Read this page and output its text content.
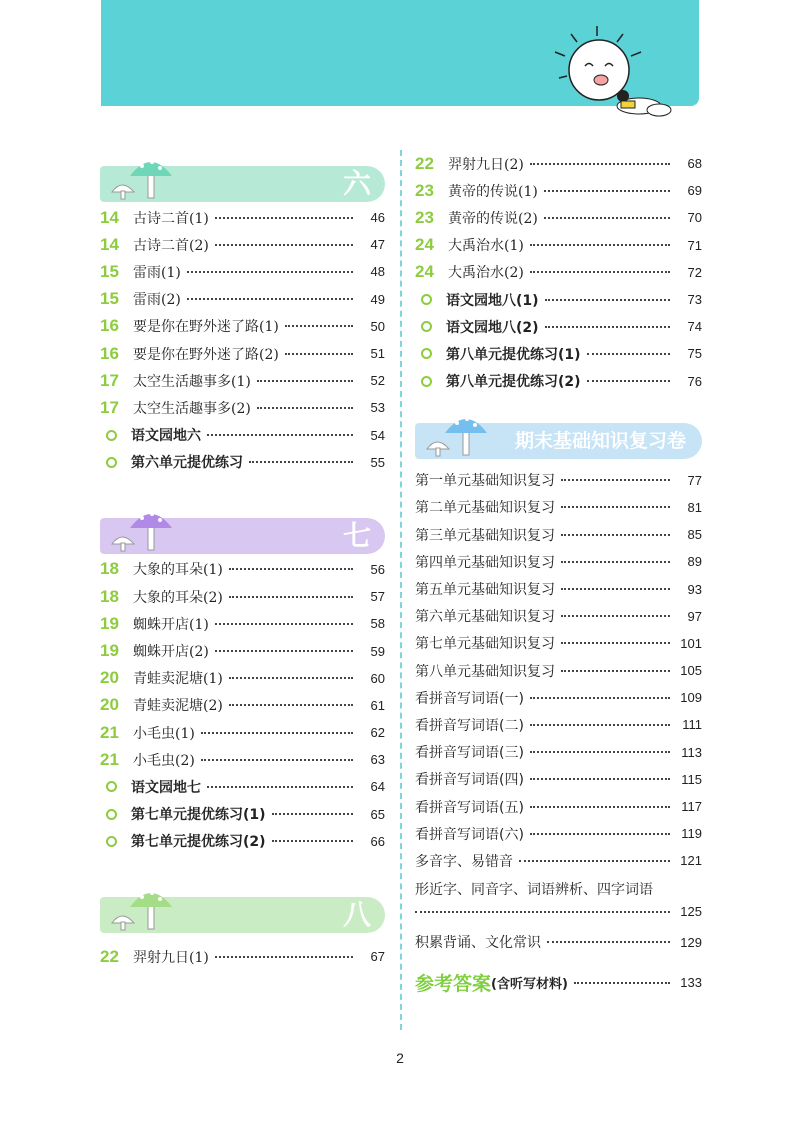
六
14	古诗二首(1)	46
14	古诗二首(2)	47
15	雷雨(1)	48
15	雷雨(2)	49
16	要是你在野外迷了路(1)	50
16	要是你在野外迷了路(2)	51
17	太空生活趣事多(1)	52
17	太空生活趣事多(2)	53
语文园地六	54
第六单元提优练习	55
七
18	大象的耳朵(1)	56
18	大象的耳朵(2)	57
19	蜘蛛开店(1)	58
19	蜘蛛开店(2)	59
20	青蛙卖泥塘(1)	60
20	青蛙卖泥塘(2)	61
21	小毛虫(1)	62
21	小毛虫(2)	63
语文园地七	64
第七单元提优练习(1)	65
第七单元提优练习(2)	66
八
22	羿射九日(1)	67
22	羿射九日(2)	68
23	黄帝的传说(1)	69
23	黄帝的传说(2)	70
24	大禹治水(1)	71
24	大禹治水(2)	72
语文园地八(1)	73
语文园地八(2)	74
第八单元提优练习(1)	75
第八单元提优练习(2)	76
期末基础知识复习卷
第一单元基础知识复习	77
第二单元基础知识复习	81
第三单元基础知识复习	85
第四单元基础知识复习	89
第五单元基础知识复习	93
第六单元基础知识复习	97
第七单元基础知识复习	101
第八单元基础知识复习	105
看拼音写词语(一)	109
看拼音写词语(二)	111
看拼音写词语(三)	113
看拼音写词语(四)	115
看拼音写词语(五)	117
看拼音写词语(六)	119
多音字、易错音	121
形近字、同音字、词语辨析、四字词语
125
积累背诵、文化常识	129
参考答案 (含听写材料)	133
2
